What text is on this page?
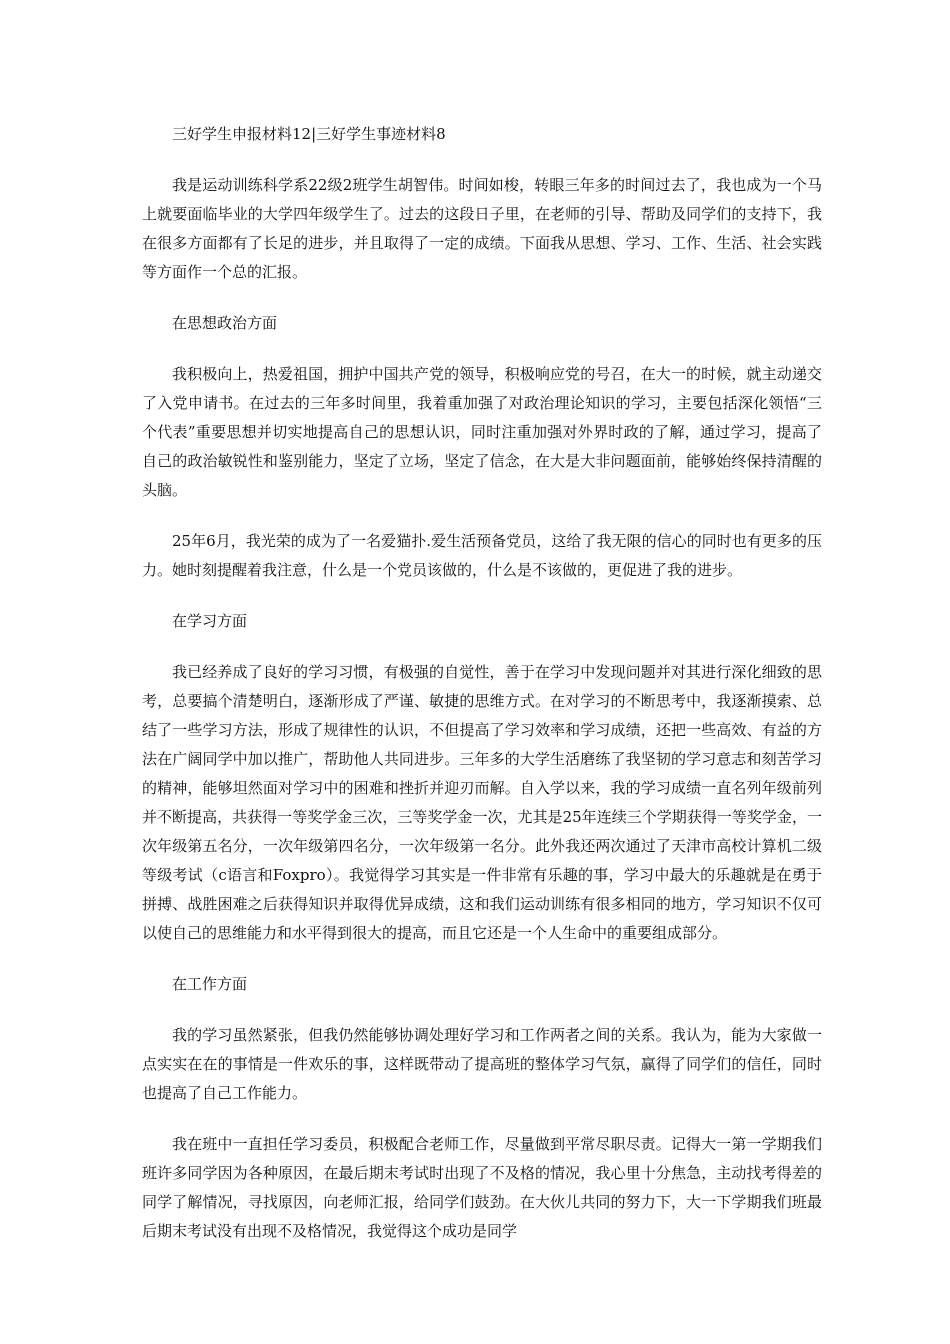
三好学生申报材料12|三好学生事迹材料8

我是运动训练科学系22级2班学生胡智伟。时间如梭，转眼三年多的时间过去了，我也成为一个马上就要面临毕业的大学四年级学生了。过去的这段日子里，在老师的引导、帮助及同学们的支持下，我在很多方面都有了长足的进步，并且取得了一定的成绩。下面我从思想、学习、工作、生活、社会实践等方面作一个总的汇报。

在思想政治方面

我积极向上，热爱祖国，拥护中国共产党的领导，积极响应党的号召，在大一的时候，就主动递交了入党申请书。在过去的三年多时间里，我着重加强了对政治理论知识的学习，主要包括深化领悟“三个代表”重要思想并切实地提高自己的思想认识，同时注重加强对外界时政的了解，通过学习，提高了自己的政治敏锐性和鉴别能力，坚定了立场，坚定了信念，在大是大非问题面前，能够始终保持清醒的头脑。

25年6月，我光荣的成为了一名爱猫扑.爱生活预备党员，这给了我无限的信心的同时也有更多的压力。她时刻提醒着我注意，什么是一个党员该做的，什么是不该做的，更促进了我的进步。

在学习方面

我已经养成了良好的学习习惯，有极强的自觉性，善于在学习中发现问题并对其进行深化细致的思考，总要搞个清楚明白，逐渐形成了严谨、敏捷的思维方式。在对学习的不断思考中，我逐渐摸索、总结了一些学习方法，形成了规律性的认识，不但提高了学习效率和学习成绩，还把一些高效、有益的方法在广阔同学中加以推广，帮助他人共同进步。三年多的大学生活磨练了我坚韧的学习意志和刻苦学习的精神，能够坦然面对学习中的困难和挫折并迎刃而解。自入学以来，我的学习成绩一直名列年级前列并不断提高，共获得一等奖学金三次，三等奖学金一次，尤其是25年连续三个学期获得一等奖学金，一次年级第五名分，一次年级第四名分，一次年级第一名分。此外我还两次通过了天津市高校计算机二级等级考试（c语言和Foxpro）。我觉得学习其实是一件非常有乐趣的事，学习中最大的乐趣就是在勇于拼搏、战胜困难之后获得知识并取得优异成绩，这和我们运动训练有很多相同的地方，学习知识不仅可以使自己的思维能力和水平得到很大的提高，而且它还是一个人生命中的重要组成部分。

在工作方面

我的学习虽然紧张，但我仍然能够协调处理好学习和工作两者之间的关系。我认为，能为大家做一点实实在在的事情是一件欢乐的事，这样既带动了提高班的整体学习气氛，赢得了同学们的信任，同时也提高了自己工作能力。

我在班中一直担任学习委员，积极配合老师工作，尽量做到平常尽职尽责。记得大一第一学期我们班许多同学因为各种原因，在最后期末考试时出现了不及格的情况，我心里十分焦急，主动找考得差的同学了解情况，寻找原因，向老师汇报，给同学们鼓劲。在大伙儿共同的努力下，大一下学期我们班最后期末考试没有出现不及格情况，我觉得这个成功是同学
